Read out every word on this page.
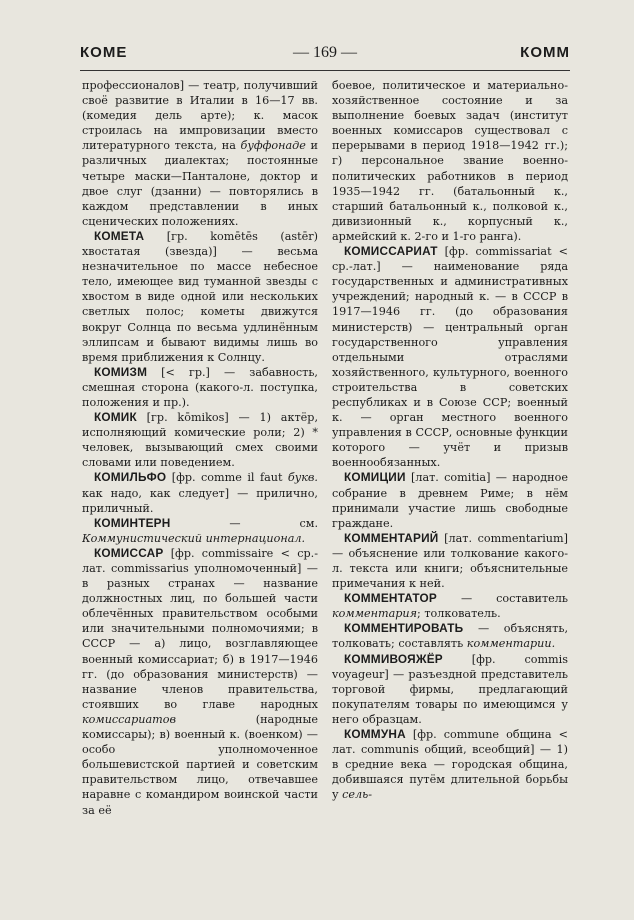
КОМЕ	— 169 —	КОММ

профессионалов] — театр, получивший своё развитие в Италии в 16—17 вв. (комедия дель арте); к. масок строилась на импровизации вместо литературного текста, на буффонаде и различных диалектах; постоянные четыре маски—Панталоне, доктор и двое слуг (дзанни) — повторялись в каждом представлении в иных сценических положениях.

КОМЕТА [гр. komētēs (astēr) хвостатая (звезда)] — весьма незначительное по массе небесное тело, имеющее вид туманной звезды с хвостом в виде одной или нескольких светлых полос; кометы движутся вокруг Солнца по весьма удлинённым эллипсам и бывают видимы лишь во время приближения к Солнцу.

КОМИЗМ [< гр.] — забавность, смешная сторона (какого-л. поступка, положения и пр.).

КОМИК [гр. kōmikos] — 1) актёр, исполняющий комические роли; 2) * человек, вызывающий смех своими словами или поведением.

КОМИЛЬФО [фр. comme il faut букв. как надо, как следует] — прилично, приличный.

КОМИНТЕРН — см. Коммунистический интернационал.

КОМИССАР [фр. commissaire < ср.-лат. commissarius уполномоченный] — в разных странах — название должностных лиц, по большей части облечённых правительством особыми или значительными полномочиями; в СССР — а) лицо, возглавляющее военный комиссариат; б) в 1917—1946 гг. (до образования министерств) — название членов правительства, стоявших во главе народных комиссариатов (народные комиссары); в) военный к. (военком) — особо уполномоченное большевистской партией и советским правительством лицо, отвечавшее наравне с командиром воинской части за её

боевое, политическое и материально-хозяйственное состояние и за выполнение боевых задач (институт военных комиссаров существовал с перерывами в период 1918—1942 гг.); г) персональное звание военно-политических работников в период 1935—1942 гг. (батальонный к., старший батальонный к., полковой к., дивизионный к., корпусный к., армейский к. 2-го и 1-го ранга).

КОМИССАРИАТ [фр. commissariat < ср.-лат.] — наименование ряда государственных и административных учреждений; народный к. — в СССР в 1917—1946 гг. (до образования министерств) — центральный орган государственного управления отдельными отраслями хозяйственного, культурного, военного строительства в советских республиках и в Союзе ССР; военный к. — орган местного военного управления в СССР, основные функции которого — учёт и призыв военнообязанных.

КОМИЦИИ [лат. comitia] — народное собрание в древнем Риме; в нём принимали участие лишь свободные граждане.

КОММЕНТАРИЙ [лат. commentarium] — объяснение или толкование какого-л. текста или книги; объяснительные примечания к ней.

КОММЕНТАТОР — составитель комментария; толкователь.

КОММЕНТИРОВАТЬ — объяснять, толковать; составлять комментарии.

КОММИВОЯЖЁР [фр. commis voyageur] — разъездной представитель торговой фирмы, предлагающий покупателям товары по имеющимся у него образцам.

КОММУНА [фр. commune община < лат. communis общий, всеобщий] — 1) в средние века — городская община, добившаяся путём длительной борьбы у сель-
